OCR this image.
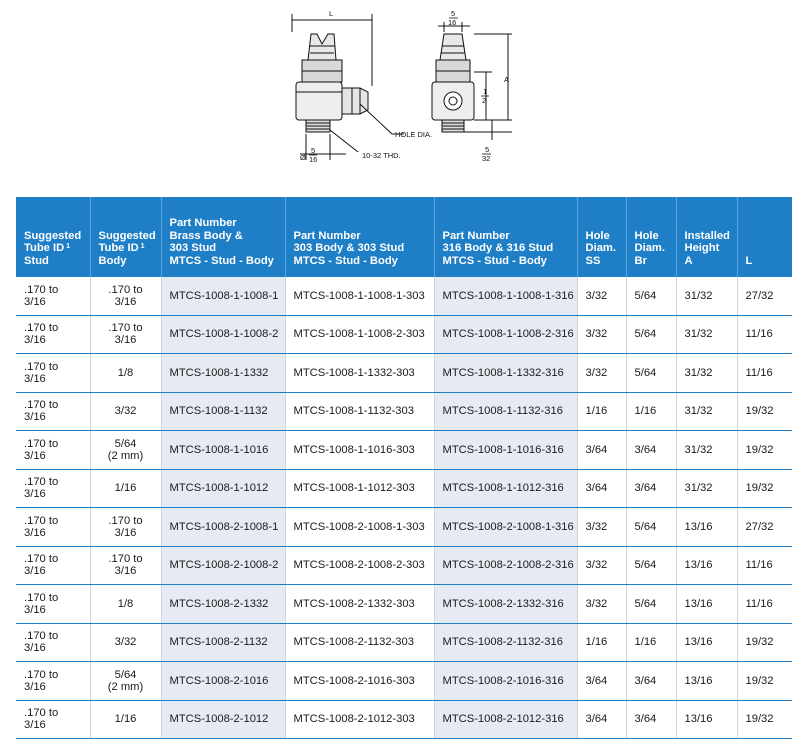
L	5
16
A
1
2
HOLE DIA.
Ø
5
16	10-32 THD.
5
32
Suggested
Tube ID $^1$
Stud	Suggested
Tube ID $^1$
Body	Part Number
Brass Body &
303 Stud
MTCS - Stud - Body	Part Number
303 Body & 303 Stud
MTCS - Stud - Body	Part Number
316 Body & 316 Stud
MTCS - Stud - Body	Hole
Diam.
SS	Hole
Diam.
Br	Installed
Height
A	L

.170 to
3/16	.170 to
3/16	MTCS-1008-1-1008-1	MTCS-1008-1-1008-1-303	MTCS-1008-1-1008-1-316	3/32	5/64	31/32	27/32

.170 to
3/16	.170 to
3/16	MTCS-1008-1-1008-2	MTCS-1008-1-1008-2-303	MTCS-1008-1-1008-2-316	3/32	5/64	31/32	11/16

.170 to
3/16	1/8	MTCS-1008-1-1332	MTCS-1008-1-1332-303	MTCS-1008-1-1332-316	3/32	5/64	31/32	11/16

.170 to
3/16	3/32	MTCS-1008-1-1132	MTCS-1008-1-1132-303	MTCS-1008-1-1132-316	1/16	1/16	31/32	19/32

.170 to
3/16	5/64
(2 mm)	MTCS-1008-1-1016	MTCS-1008-1-1016-303	MTCS-1008-1-1016-316	3/64	3/64	31/32	19/32

.170 to
3/16	1/16	MTCS-1008-1-1012	MTCS-1008-1-1012-303	MTCS-1008-1-1012-316	3/64	3/64	31/32	19/32

.170 to
3/16	.170 to
3/16	MTCS-1008-2-1008-1	MTCS-1008-2-1008-1-303	MTCS-1008-2-1008-1-316	3/32	5/64	13/16	27/32

.170 to
3/16	.170 to
3/16	MTCS-1008-2-1008-2	MTCS-1008-2-1008-2-303	MTCS-1008-2-1008-2-316	3/32	5/64	13/16	11/16

.170 to
3/16	1/8	MTCS-1008-2-1332	MTCS-1008-2-1332-303	MTCS-1008-2-1332-316	3/32	5/64	13/16	11/16

.170 to
3/16	3/32	MTCS-1008-2-1132	MTCS-1008-2-1132-303	MTCS-1008-2-1132-316	1/16	1/16	13/16	19/32

.170 to
3/16	5/64
(2 mm)	MTCS-1008-2-1016	MTCS-1008-2-1016-303	MTCS-1008-2-1016-316	3/64	3/64	13/16	19/32

.170 to
3/16	1/16	MTCS-1008-2-1012	MTCS-1008-2-1012-303	MTCS-1008-2-1012-316	3/64	3/64	13/16	19/32
